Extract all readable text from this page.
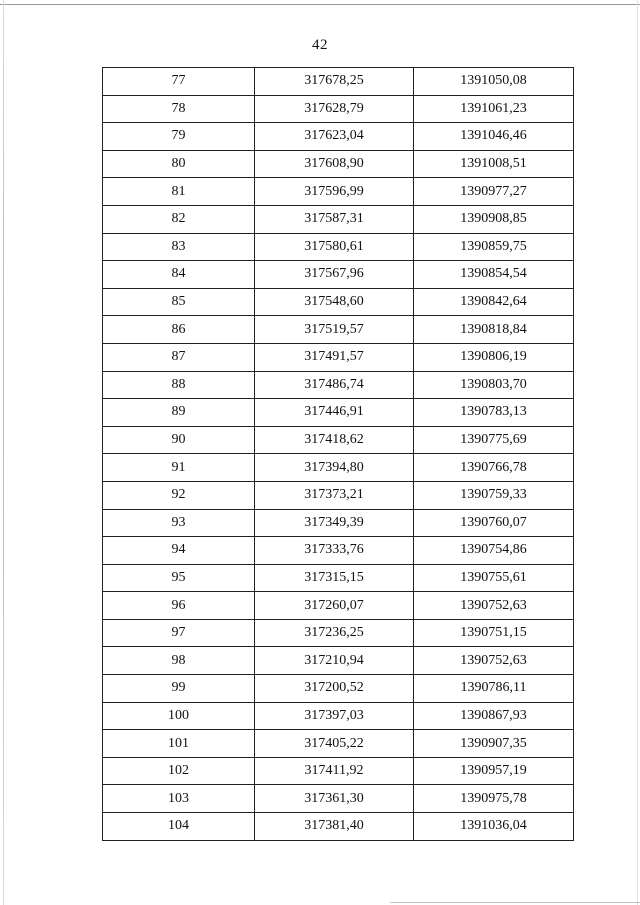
42
77	317678,25	1391050,08
78	317628,79	1391061,23
79	317623,04	1391046,46
80	317608,90	1391008,51
81	317596,99	1390977,27
82	317587,31	1390908,85
83	317580,61	1390859,75
84	317567,96	1390854,54
85	317548,60	1390842,64
86	317519,57	1390818,84
87	317491,57	1390806,19
88	317486,74	1390803,70
89	317446,91	1390783,13
90	317418,62	1390775,69
91	317394,80	1390766,78
92	317373,21	1390759,33
93	317349,39	1390760,07
94	317333,76	1390754,86
95	317315,15	1390755,61
96	317260,07	1390752,63
97	317236,25	1390751,15
98	317210,94	1390752,63
99	317200,52	1390786,11
100	317397,03	1390867,93
101	317405,22	1390907,35
102	317411,92	1390957,19
103	317361,30	1390975,78
104	317381,40	1391036,04
